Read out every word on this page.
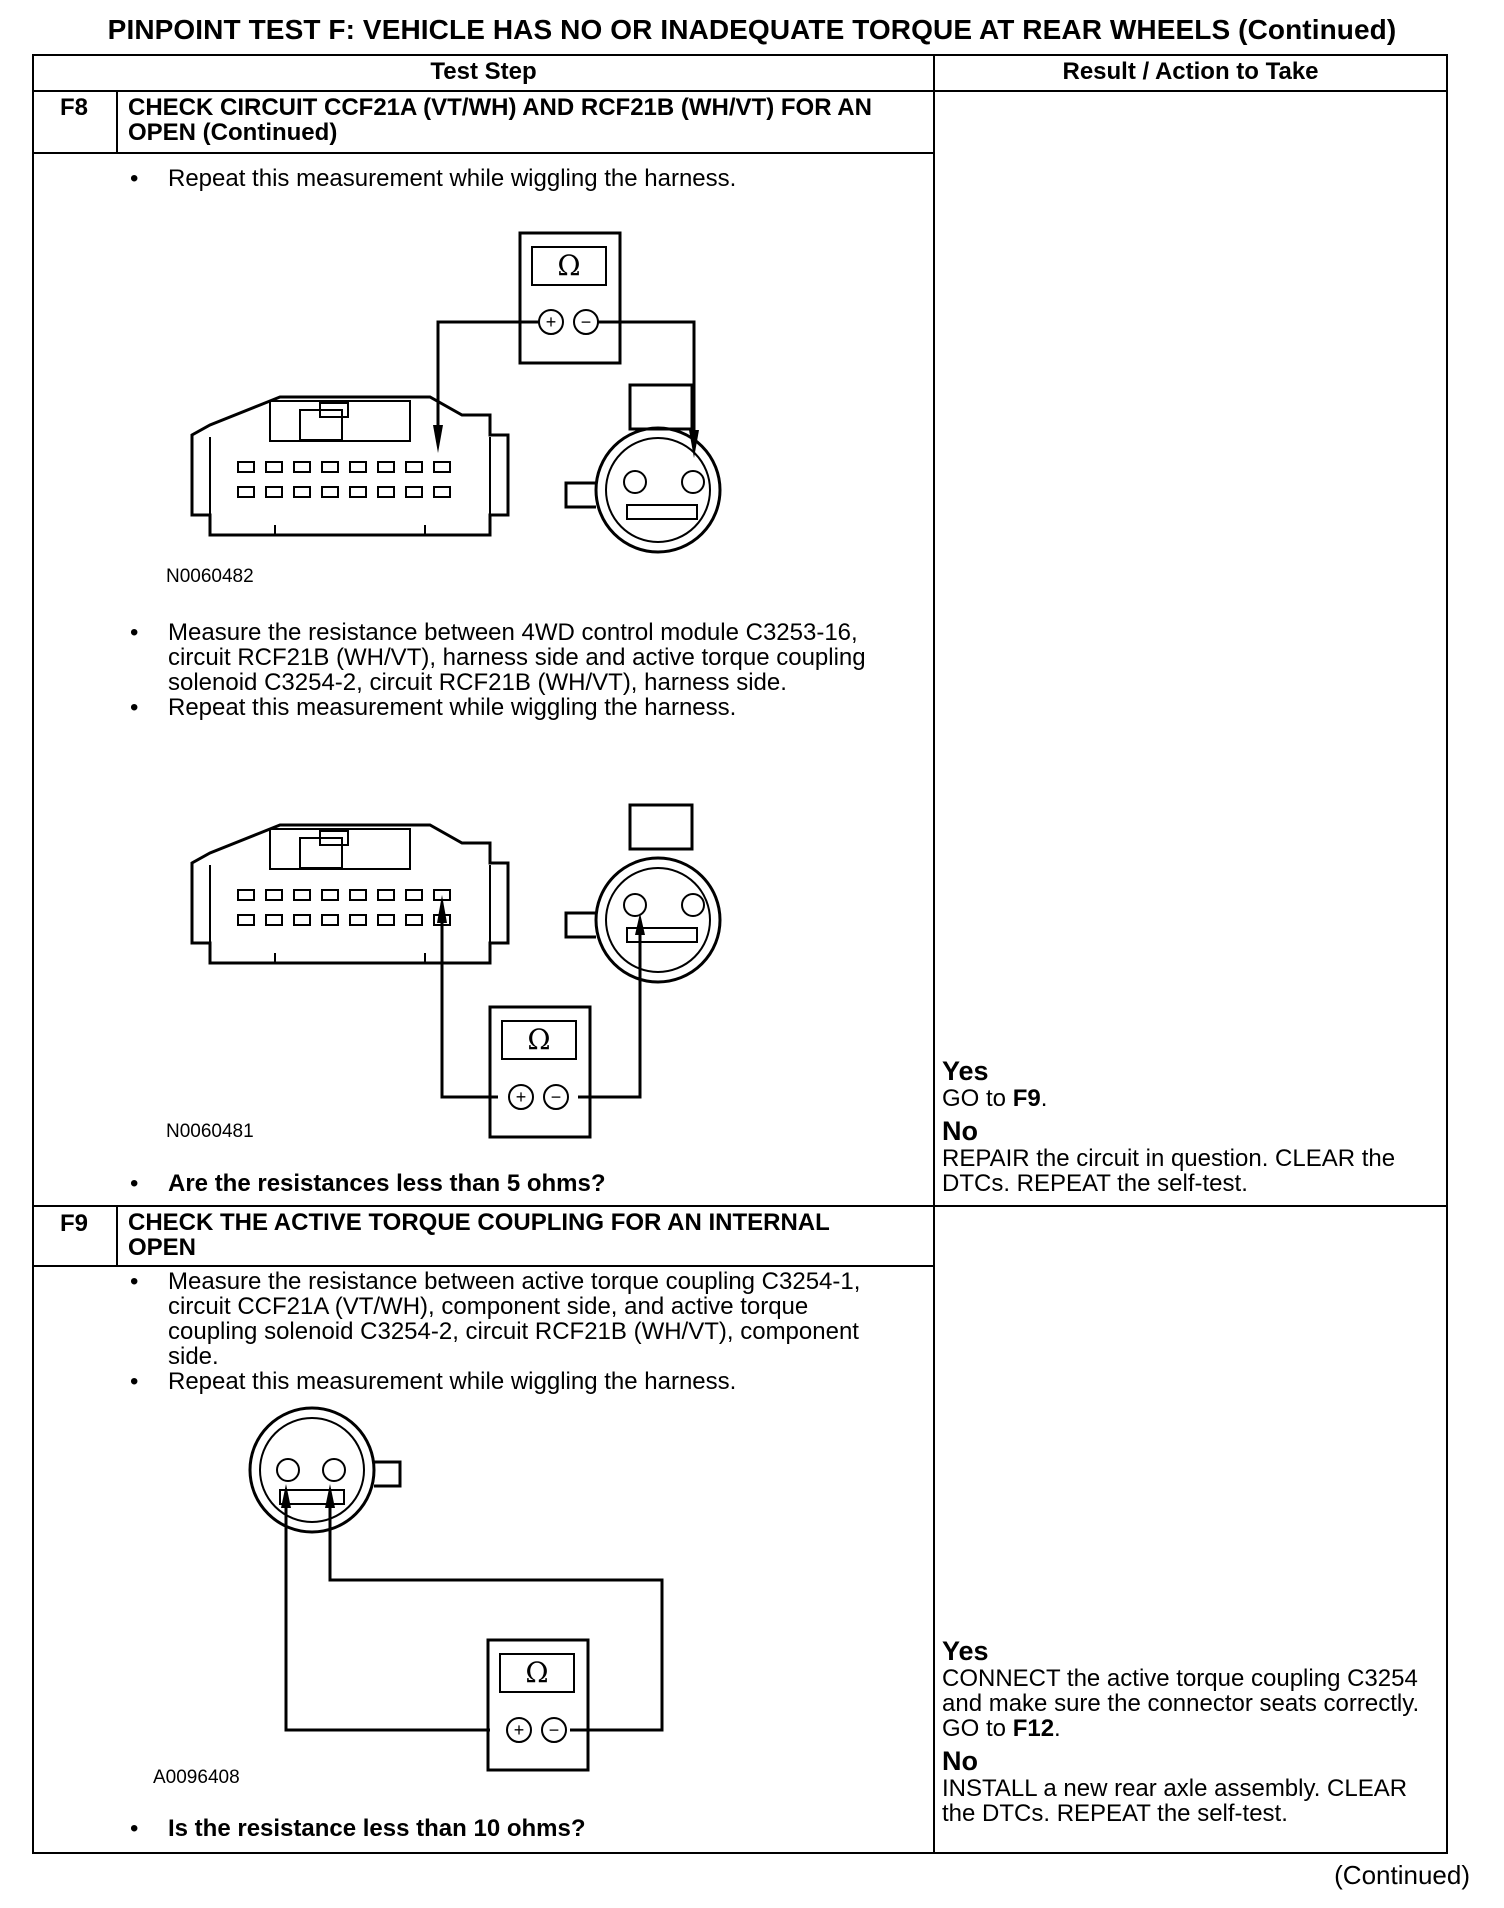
PINPOINT TEST F: VEHICLE HAS NO OR INADEQUATE TORQUE AT REAR WHEELS (Continued)
Test Step	Result / Action to Take
F8 CHECK CIRCUIT CCF21A (VT/WH) AND RCF21B (WH/VT) FOR AN OPEN (Continued)
• Repeat this measurement while wiggling the harness.
N0060482
• Measure the resistance between 4WD control module C3253-16, circuit RCF21B (WH/VT), harness side and active torque coupling solenoid C3254-2, circuit RCF21B (WH/VT), harness side.
• Repeat this measurement while wiggling the harness.
N0060481
• Are the resistances less than 5 ohms?
Yes
GO to F9.
No
REPAIR the circuit in question. CLEAR the DTCs. REPEAT the self-test.
F9 CHECK THE ACTIVE TORQUE COUPLING FOR AN INTERNAL OPEN
• Measure the resistance between active torque coupling C3254-1, circuit CCF21A (VT/WH), component side, and active torque coupling solenoid C3254-2, circuit RCF21B (WH/VT), component side.
• Repeat this measurement while wiggling the harness.
A0096408
• Is the resistance less than 10 ohms?
Yes
CONNECT the active torque coupling C3254 and make sure the connector seats correctly. GO to F12.
No
INSTALL a new rear axle assembly. CLEAR the DTCs. REPEAT the self-test.
Ω
+ −
Ω
+ −
Ω
+ −
(Continued)
